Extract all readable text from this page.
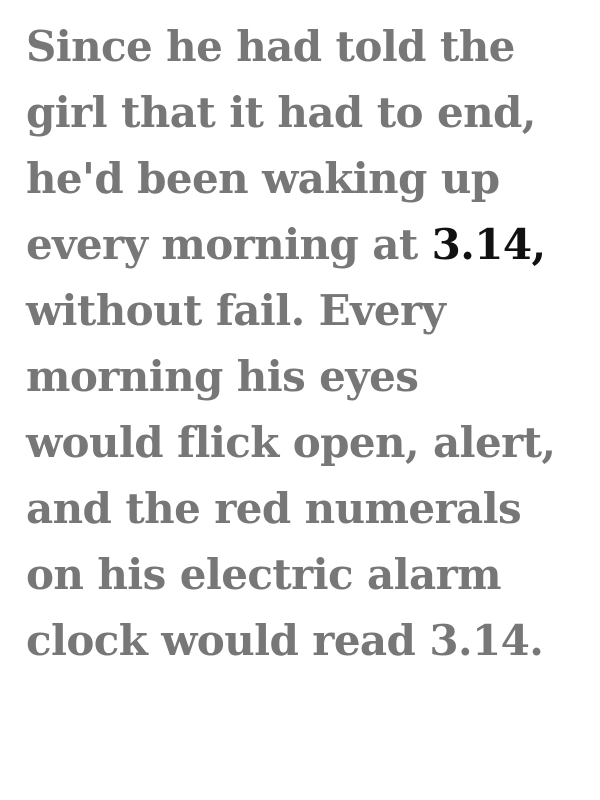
Since he had told the
girl that it had to end,
he'd been waking up
every morning at 3.14,
without fail. Every
morning his eyes
would flick open, alert,
and the red numerals
on his electric alarm
clock would read 3.14.
